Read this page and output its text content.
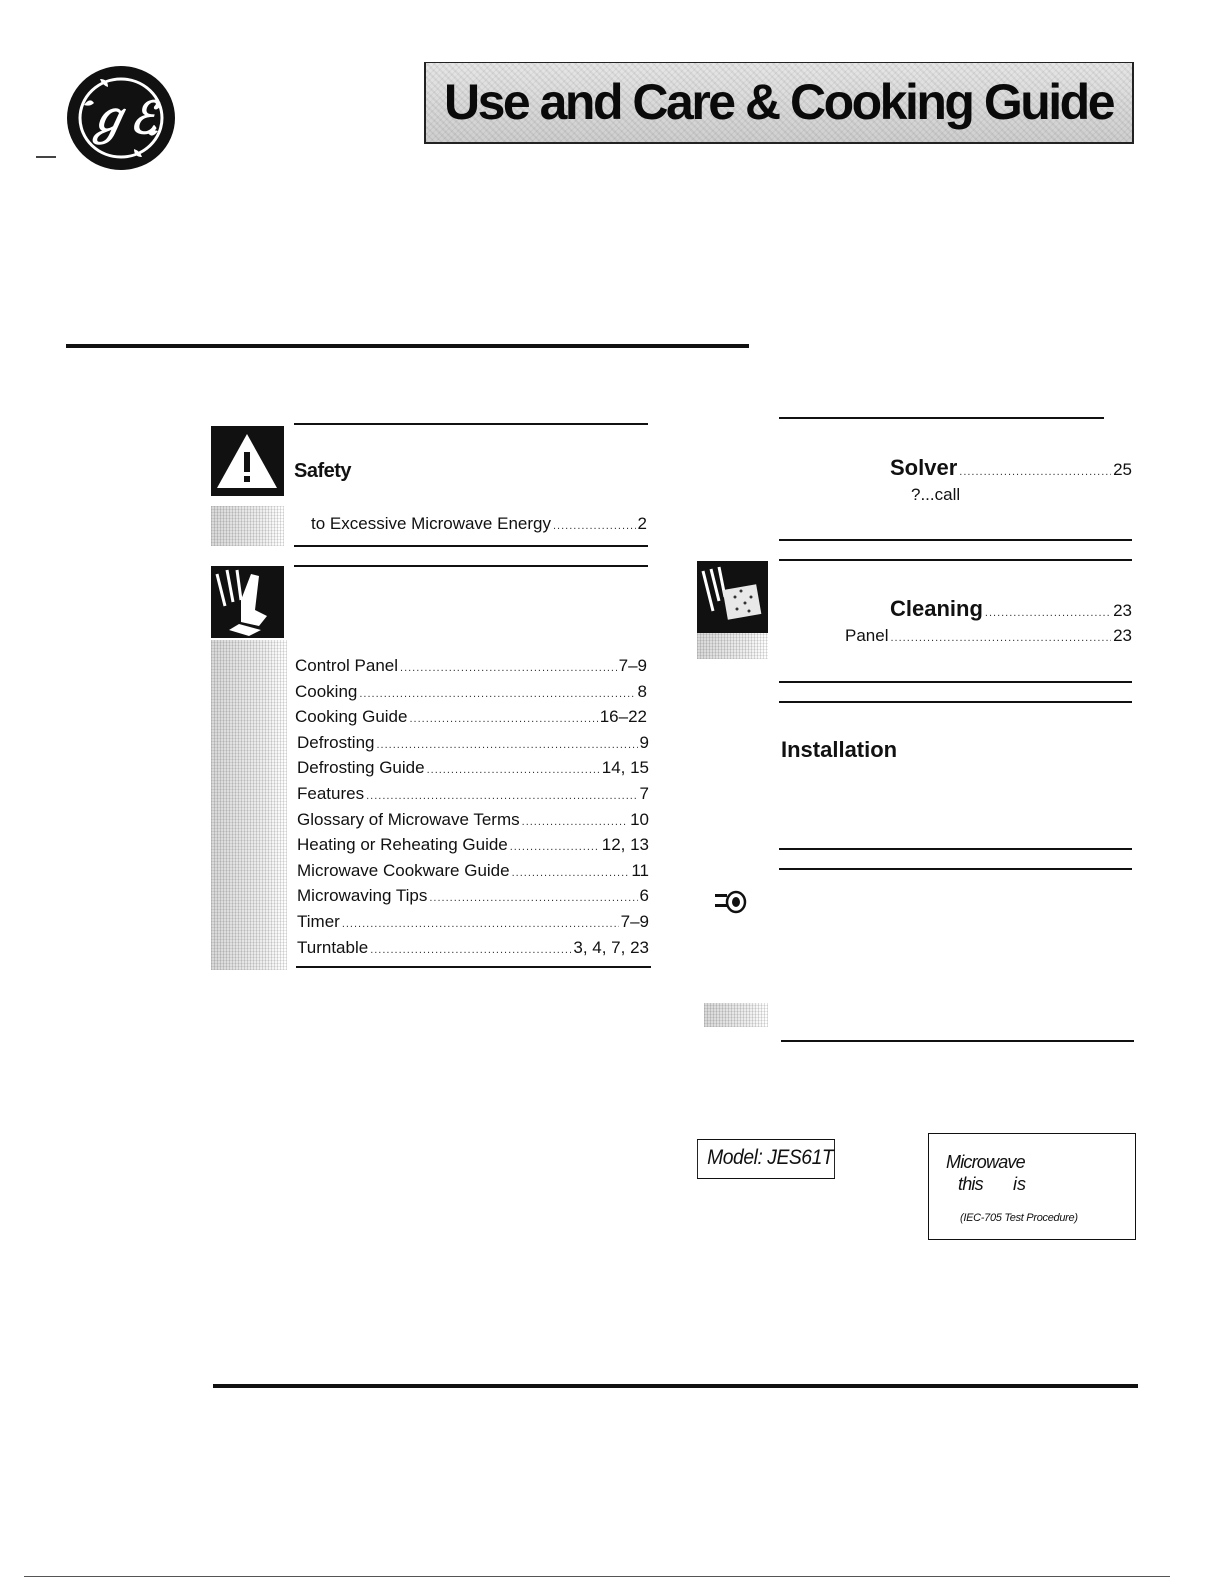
ℊℰ	Use and Care & Cooking Guide
Safety
to Excessive Microwave Energy .....	2
Control Panel .....	7–9
Cooking .....	8
Cooking Guide .....	16–22
Defrosting .....	9
Defrosting Guide .....	14, 15
Features .....	7
Glossary of Microwave Terms .....	10
Heating or Reheating Guide .....	12, 13
Microwave Cookware Guide .....	11
Microwaving Tips .....	6
Timer .....	7–9
Turntable .....	3, 4, 7, 23
Solver .....	25
?...call
Cleaning .....	23
Panel .....	23
Installation
Model: JES61T	Microwave
this is
(IEC-705 Test Procedure)
